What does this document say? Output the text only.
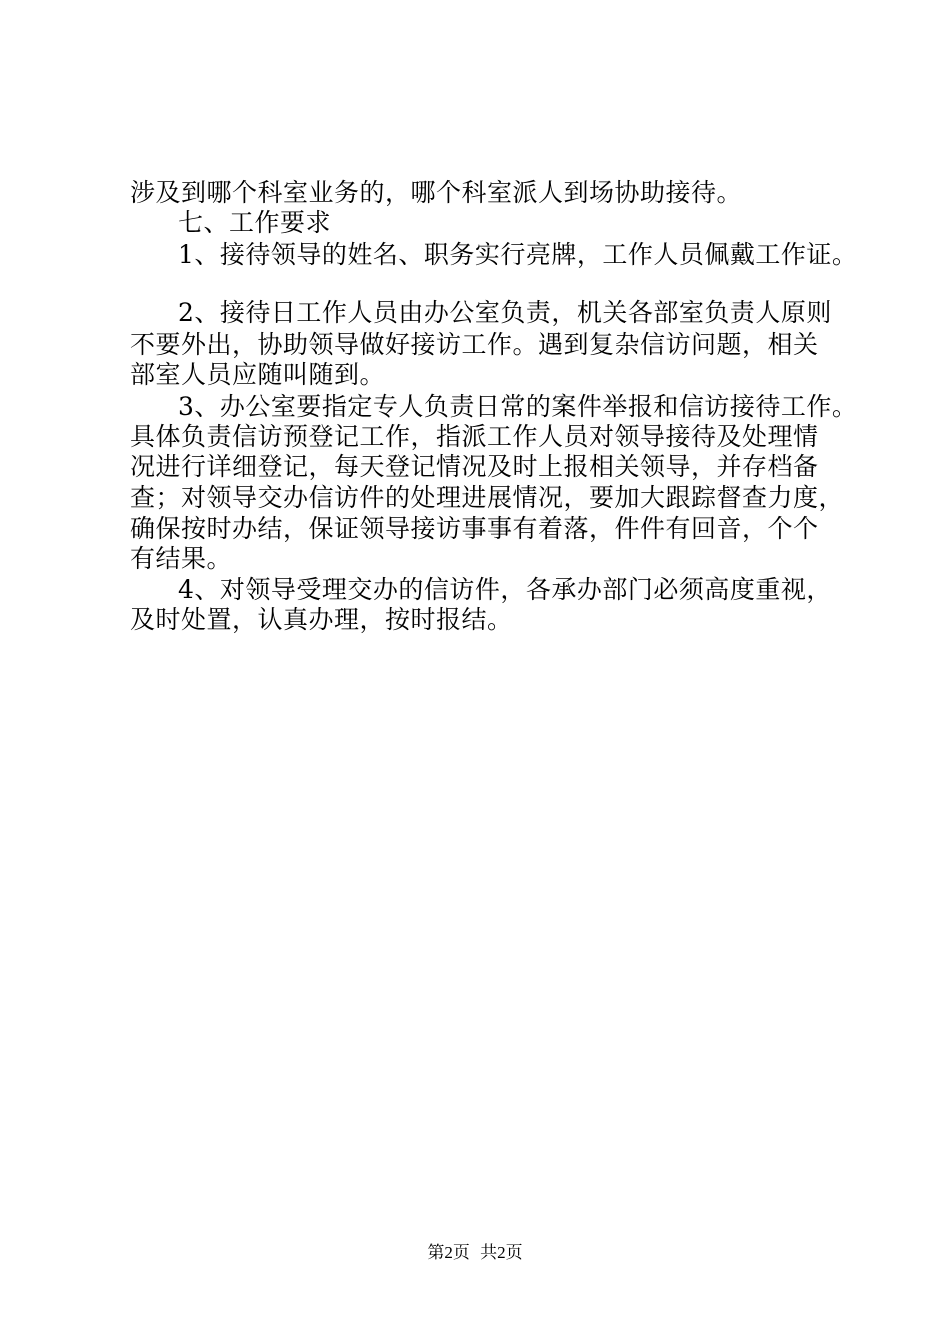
涉及到哪个科室业务的，哪个科室派人到场协助接待。
七、工作要求
1、接待领导的姓名、职务实行亮牌，工作人员佩戴工作证。
2、接待日工作人员由办公室负责，机关各部室负责人原则
不要外出，协助领导做好接访工作。遇到复杂信访问题，相关
部室人员应随叫随到。
3、办公室要指定专人负责日常的案件举报和信访接待工作。
具体负责信访预登记工作，指派工作人员对领导接待及处理情
况进行详细登记，每天登记情况及时上报相关领导，并存档备
查；对领导交办信访件的处理进展情况，要加大跟踪督查力度，
确保按时办结，保证领导接访事事有着落，件件有回音，个个
有结果。
4、对领导受理交办的信访件，各承办部门必须高度重视，
及时处置，认真办理，按时报结。
第2页 共2页
